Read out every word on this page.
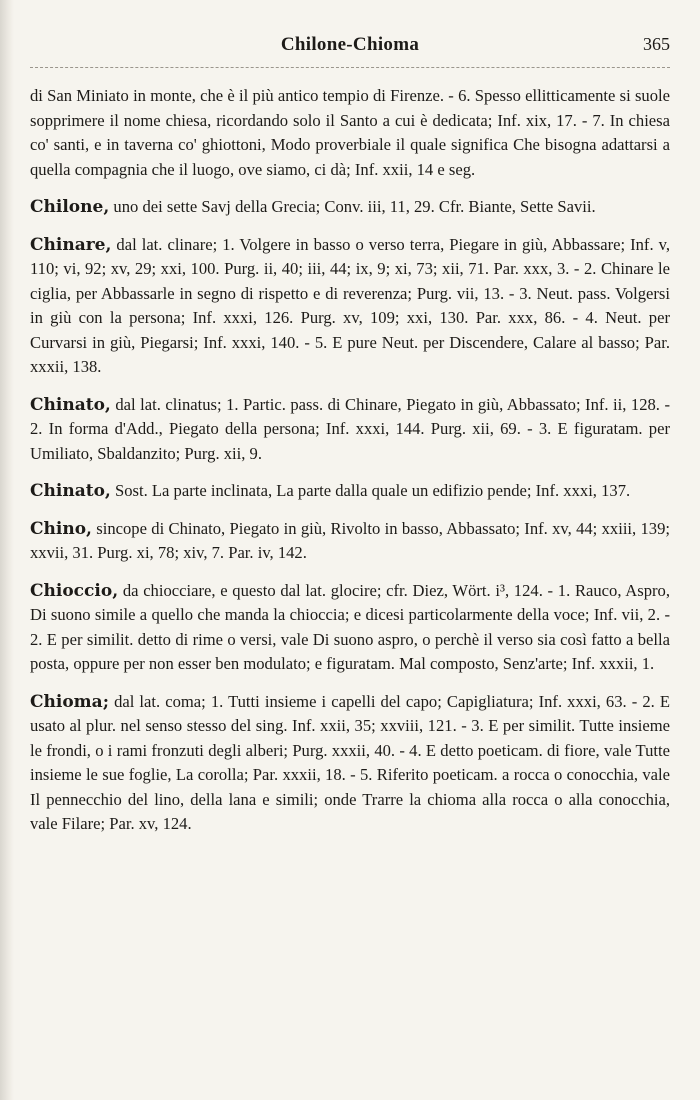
Chilone-Chioma	365

di San Miniato in monte, che è il più antico tempio di Firenze. - 6. Spesso ellitticamente si suole sopprimere il nome chiesa, ricordando solo il Santo a cui è dedicata; Inf. xix, 17. - 7. In chiesa co' santi, e in taverna co' ghiottoni, Modo proverbiale il quale significa Che bisogna adattarsi a quella compagnia che il luogo, ove siamo, ci dà; Inf. xxii, 14 e seg.

Chilone , uno dei sette Savj della Grecia; Conv. iii, 11, 29. Cfr. Biante, Sette Savii.

Chinare , dal lat. clinare; 1. Volgere in basso o verso terra, Piegare in giù, Abbassare; Inf. v, 110; vi, 92; xv, 29; xxi, 100. Purg. ii, 40; iii, 44; ix, 9; xi, 73; xii, 71. Par. xxx, 3. - 2. Chinare le ciglia, per Abbassarle in segno di rispetto e di reverenza; Purg. vii, 13. - 3. Neut. pass. Volgersi in giù con la persona; Inf. xxxi, 126. Purg. xv, 109; xxi, 130. Par. xxx, 86. - 4. Neut. per Curvarsi in giù, Piegarsi; Inf. xxxi, 140. - 5. E pure Neut. per Discendere, Calare al basso; Par. xxxii, 138.

Chinato , dal lat. clinatus; 1. Partic. pass. di Chinare, Piegato in giù, Abbassato; Inf. ii, 128. - 2. In forma d'Add., Piegato della persona; Inf. xxxi, 144. Purg. xii, 69. - 3. E figuratam. per Umiliato, Sbaldanzito; Purg. xii, 9.

Chinato , Sost. La parte inclinata, La parte dalla quale un edifizio pende; Inf. xxxi, 137.

Chino , sincope di Chinato, Piegato in giù, Rivolto in basso, Abbassato; Inf. xv, 44; xxiii, 139; xxvii, 31. Purg. xi, 78; xiv, 7. Par. iv, 142.

Chioccio , da chiocciare, e questo dal lat. glocire; cfr. Diez, Wört. i³, 124. - 1. Rauco, Aspro, Di suono simile a quello che manda la chioccia; e dicesi particolarmente della voce; Inf. vii, 2. - 2. E per similit. detto di rime o versi, vale Di suono aspro, o perchè il verso sia così fatto a bella posta, oppure per non esser ben modulato; e figuratam. Mal composto, Senz'arte; Inf. xxxii, 1.

Chioma ; dal lat. coma; 1. Tutti insieme i capelli del capo; Capigliatura; Inf. xxxi, 63. - 2. E usato al plur. nel senso stesso del sing. Inf. xxii, 35; xxviii, 121. - 3. E per similit. Tutte insieme le frondi, o i rami fronzuti degli alberi; Purg. xxxii, 40. - 4. E detto poeticam. di fiore, vale Tutte insieme le sue foglie, La corolla; Par. xxxii, 18. - 5. Riferito poeticam. a rocca o conocchia, vale Il pennecchio del lino, della lana e simili; onde Trarre la chioma alla rocca o alla conocchia, vale Filare; Par. xv, 124.
